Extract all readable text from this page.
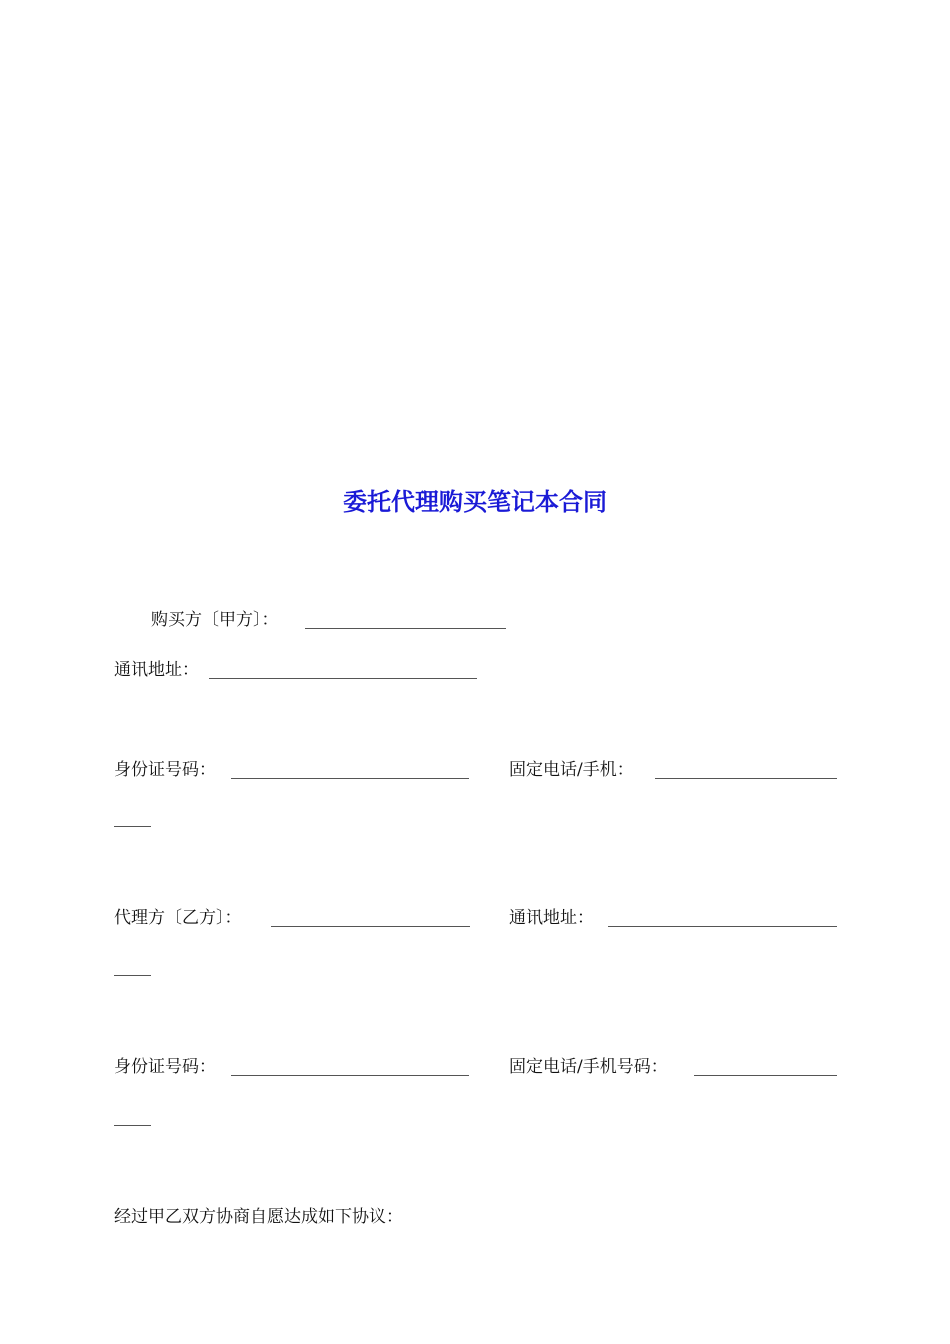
委托代理购买笔记本合同
购买方〔甲方〕：
通讯地址：
身份证号码：	固定电话/手机：
代理方〔乙方〕：	通讯地址：
身份证号码：	固定电话/手机号码：
经过甲乙双方协商自愿达成如下协议：
